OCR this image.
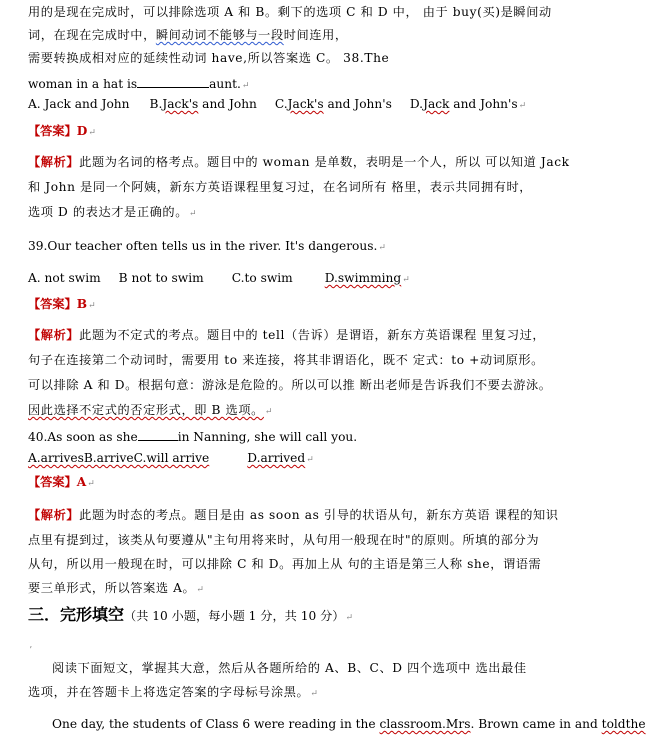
用的是现在完成时，可以排除选项 A 和 B。剩下的选项 C 和 D 中， 由于 buy(买)是瞬间动
词，在现在完成时中，瞬间动词不能够与一段时间连用，
需要转换成相对应的延续性动词 have,所以答案选 C。 38.The
woman in a hat is	aunt.↵
A. Jack and John B.Jack's and John C.Jack's and John's D.Jack and John's↵
【答案】D↵
【解析】此题为名词的格考点。题目中的 woman 是单数，表明是一个人，所以 可以知道 Jack
和 John 是同一个阿姨，新东方英语课程里复习过，在名词所有 格里，表示共同拥有时，
选项 D 的表达才是正确的。↵
39.Our teacher often tells us in the river. It's dangerous.↵
A. not swim B not to swim C.to swim	D.swimming↵
【答案】B↵
【解析】此题为不定式的考点。题目中的 tell（告诉）是谓语，新东方英语课程 里复习过，
句子在连接第二个动词时，需要用 to 来连接，将其非谓语化，既不 定式：to +动词原形。
可以排除 A 和 D。根据句意：游泳是危险的。所以可以推 断出老师是告诉我们不要去游泳。
因此选择不定式的否定形式，即 B 选项。↵
40.As soon as she	in Nanning, she will call you.
A.arrivesB.arriveC.will arrive	D.arrived↵
【答案】A↵
【解析】此题为时态的考点。题目是由 as soon as 引导的状语从句，新东方英语 课程的知识
点里有提到过，该类从句要遵从"主句用将来时，从句用一般现在时"的原则。所填的部分为
从句，所以用一般现在时，可以排除 C 和 D。再加上从 句的主语是第三人称 she，谓语需
要三单形式，所以答案选 A。↵
三．完形填空（共 10 小题，每小题 1 分，共 10 分）↵
ʼ
阅读下面短文，掌握其大意，然后从各题所给的 A、B、C、D 四个选项中 选出最佳
选项，并在答题卡上将选定答案的字母标号涂黑。↵
One day, the students of Class 6 were reading in the classroom.Mrs. Brown came in and toldthe
